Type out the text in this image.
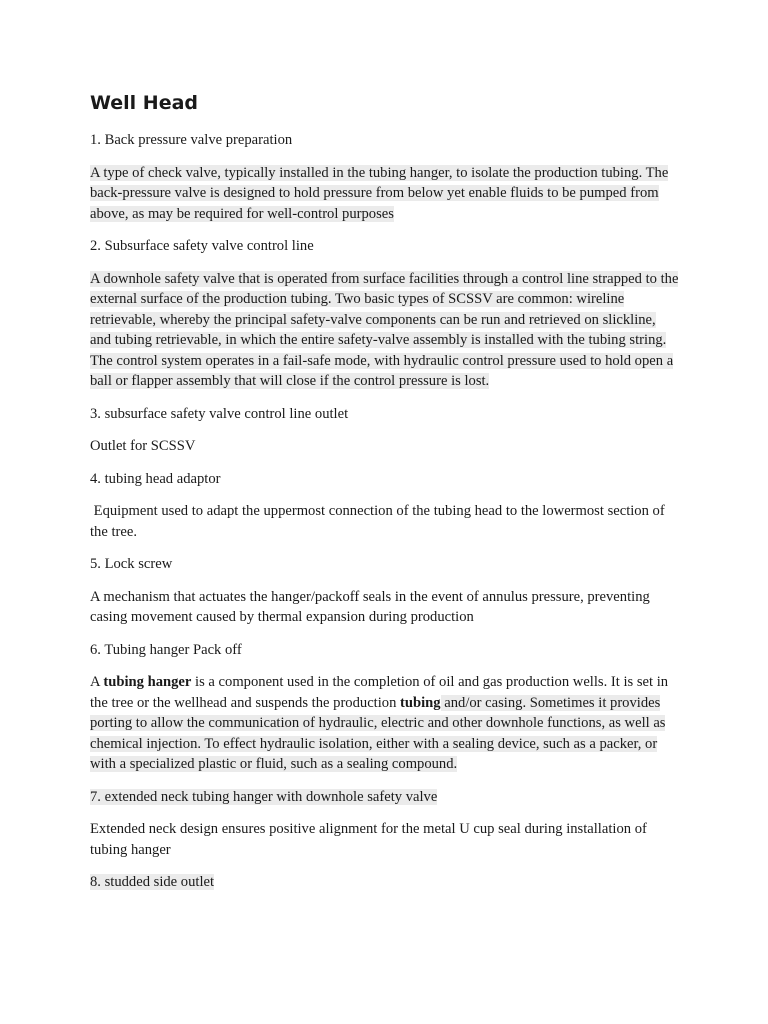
Well Head

1. Back pressure valve preparation

A type of check valve, typically installed in the tubing hanger, to isolate the production tubing. The back-pressure valve is designed to hold pressure from below yet enable fluids to be pumped from above, as may be required for well-control purposes

2. Subsurface safety valve control line

A downhole safety valve that is operated from surface facilities through a control line strapped to the external surface of the production tubing. Two basic types of SCSSV are common: wireline retrievable, whereby the principal safety-valve components can be run and retrieved on slickline, and tubing retrievable, in which the entire safety-valve assembly is installed with the tubing string. The control system operates in a fail-safe mode, with hydraulic control pressure used to hold open a ball or flapper assembly that will close if the control pressure is lost.

3. subsurface safety valve control line outlet

Outlet for SCSSV

4. tubing head adaptor

Equipment used to adapt the uppermost connection of the tubing head to the lowermost section of the tree.

5. Lock screw

A mechanism that actuates the hanger/packoff seals in the event of annulus pressure, preventing casing movement caused by thermal expansion during production

6. Tubing hanger Pack off

A tubing hanger is a component used in the completion of oil and gas production wells. It is set in the tree or the wellhead and suspends the production tubing and/or casing. Sometimes it provides porting to allow the communication of hydraulic, electric and other downhole functions, as well as chemical injection. To effect hydraulic isolation, either with a sealing device, such as a packer, or with a specialized plastic or fluid, such as a sealing compound.

7. extended neck tubing hanger with downhole safety valve

Extended neck design ensures positive alignment for the metal U cup seal during installation of tubing hanger

8. studded side outlet
